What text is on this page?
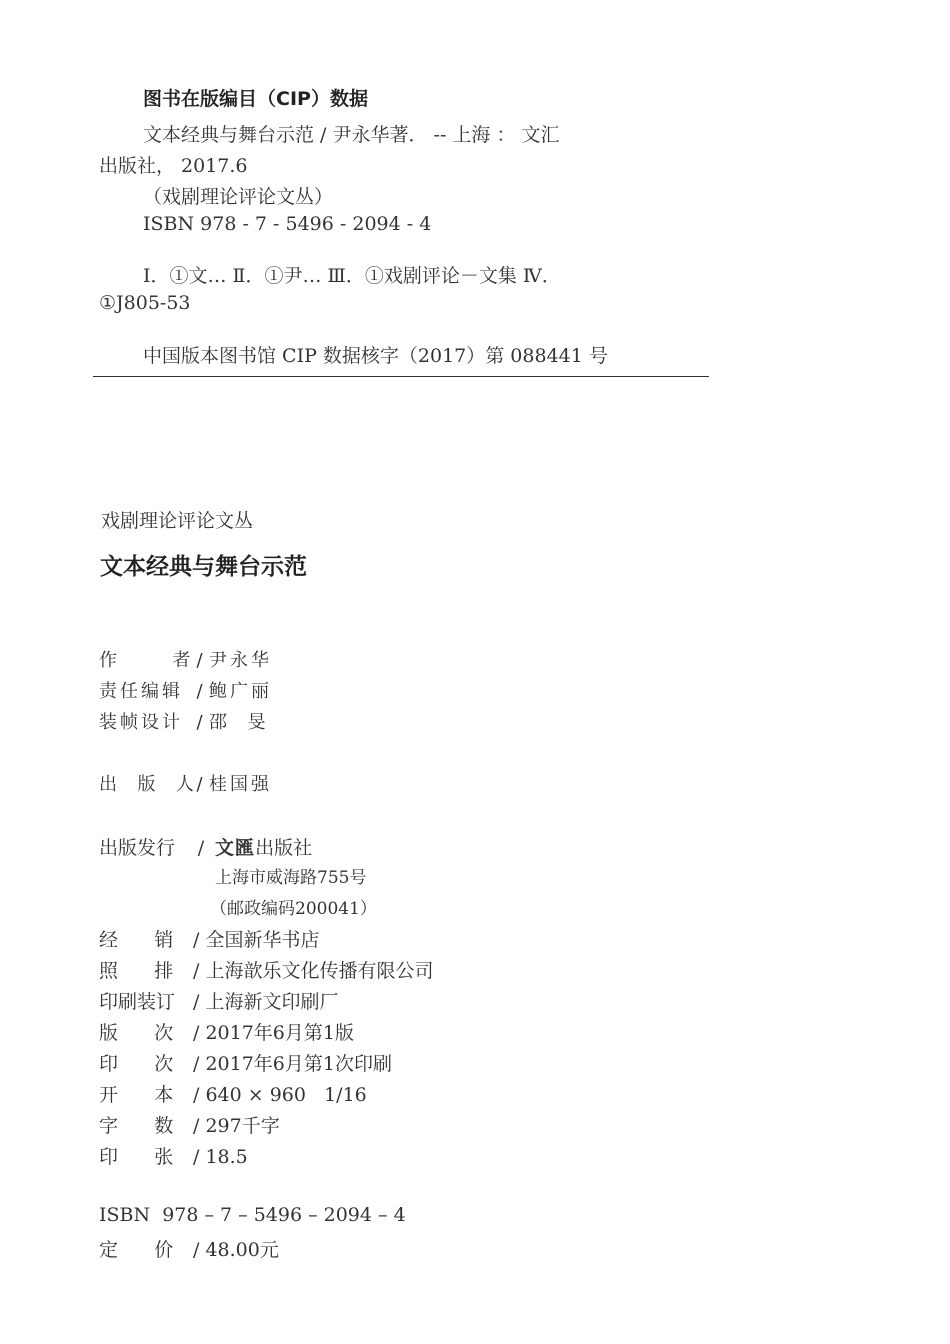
图书在版编目（CIP）数据
文本经典与舞台示范 / 尹永华著． -- 上海 ： 文汇
出版社， 2017.6
（戏剧理论评论文丛）
ISBN 978 - 7 - 5496 - 2094 - 4
Ⅰ．①文… Ⅱ．①尹… Ⅲ．①戏剧评论－文集 Ⅳ．
①J805-53
中国版本图书馆 CIP 数据核字（2017）第 088441 号
戏剧理论评论文丛
文本经典与舞台示范
作      者 / 尹永华
责任编辑 / 鲍广丽
装帧设计 / 邵  旻
出  版  人/ 桂国强
出版发行 / 文匯出版社
上海市威海路755号
（邮政编码200041）
经      销 / 全国新华书店
照      排 / 上海歆乐文化传播有限公司
印刷装订 / 上海新文印刷厂
版      次 / 2017年6月第1版
印      次 / 2017年6月第1次印刷
开      本 / 640 × 960   1/16
字      数 / 297千字
印      张 / 18.5
ISBN  978 – 7 – 5496 – 2094 – 4
定      价 / 48.00元
